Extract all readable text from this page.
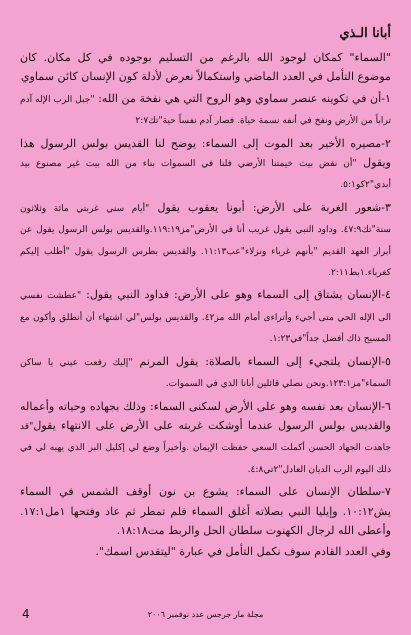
أبانا الـذي

"السماء" كمكان لوجود الله بالرغم من التسليم بوجوده في كل مكان. كان موضوع التأمل في العدد الماضي واستكمالاً نعرض لأدلة كون الإنسان كائن سماوي

١-أن في تكوينه عنصر سماوي وهو الروح التي هي نفخة من الله: "جبل الرب الإله آدم تراباً من الأرض ونفخ في أنفه نسمة حياة. فصار آدم نفساً حية"تك٢:٧

٢-مصيره الأخير بعد الموت إلى السماء: يوضح لنا القديس بولس الرسول هذا ويقول "أن نقض بيت خيمتنا الأرضي فلنا في السموات بناء من الله بيت غير مصنوع بيد أبدي"٢كو٥:١.

٣-شعور الغربة على الأرض: أبونا يعقوب يقول "أيام سني غربتي مائة وثلاثون سنة"تك٤٧:٩. وداود النبي يقول غريب أنا في الأرض"مز١١٩:١٩.والقديس بولس الرسول يقول عن أبرار العهد القديم "بأنهم غرباء ونزلاء"عب١١:١٣. والقديس بطرس الرسول يقول "أطلب إليكم كغرباء.١بط٢:١١.

٤-الإنسان يشتاق إلى السماء وهو على الأرض: فداود النبي يقول: "عطشت نفسي الى الإله الحي متى أجيء وأتراءى أمام الله مز٤٢. والقديس بولس"لي اشتهاء أن أنطلق وأكون مع المسيح ذاك أفضل جداً"في١:٢٣.

٥-الإنسان يلتجيء إلى السماء بالصلاة: يقول المرنم "إليك رفعت عيني يا ساكن السماء"مز١٢٣:١.ونحن نصلي قائلين أبانا الذي في السموات.

٦-الإنسان بعد نفسه وهو على الأرض لسكنى السماء: وذلك بجهاده وحياته وأعماله والقديس بولس الرسول عندما أوشكت غربته على الأرض على الانتهاء يقول"قد جاهدت الجهاد الحسن أكملت السعي حفظت الإيمان .وأخيراً وضع لي إكليل البر الذي يهبه لي في ذلك اليوم الرب الديان العادل"٢تي٤:٨.

٧-سلطان الإنسان على السماء: يشوع بن نون أوقف الشمس في السماء يش١٠:١٢. وإيليا النبي بصلاته أغلق السماء فلم تمطر ثم عاد وفتحها ١مل١٧:١. وأعطى الله لرجال الكهنوت سلطان الحل والربط مت١٨:١٨.

وفي العدد القادم سوف نكمل التأمل في عبارة "ليتقدس اسمك".

4	مجلة مار جرجس عدد نوفمبر ٢٠٠٦
